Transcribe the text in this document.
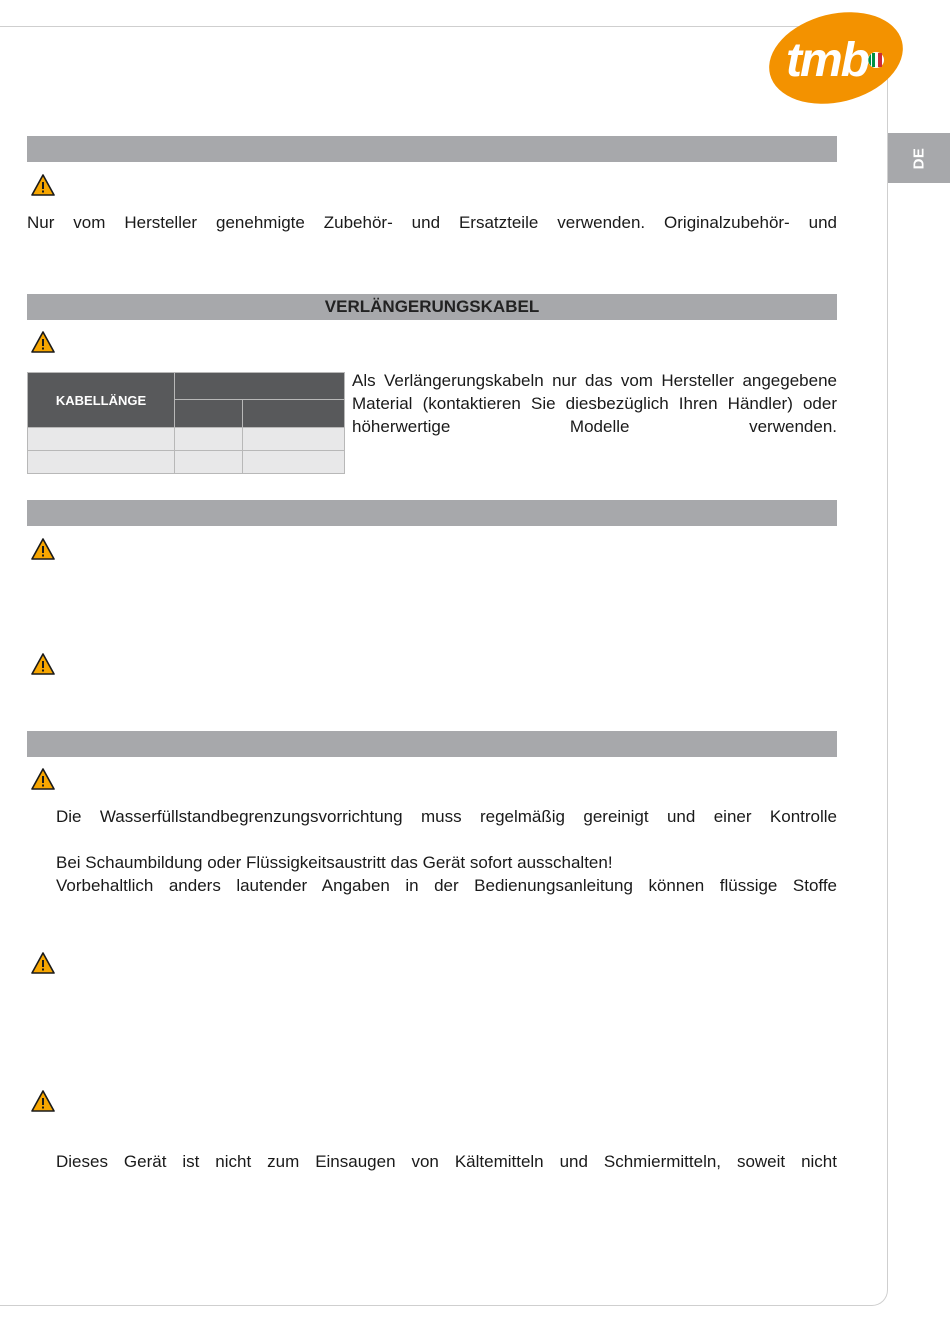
tmb
DE

Nur vom Hersteller genehmigte Zubehör- und Ersatzteile verwenden. Originalzubehör- und

VERLÄNGERUNGSKABEL
KABELLÄNGE		

Als Verlängerungskabeln nur das vom Hersteller angegebene Material (kontaktieren Sie diesbezüglich Ihren Händler) oder höherwertige Modelle verwenden.

Die Wasserfüllstandbegrenzungsvorrichtung muss regelmäßig gereinigt und einer Kontrolle

Bei Schaumbildung oder Flüssigkeitsaustritt das Gerät sofort ausschalten!

Vorbehaltlich anders lautender Angaben in der Bedienungsanleitung können flüssige Stoffe

Dieses Gerät ist nicht zum Einsaugen von Kältemitteln und Schmiermitteln, soweit nicht
